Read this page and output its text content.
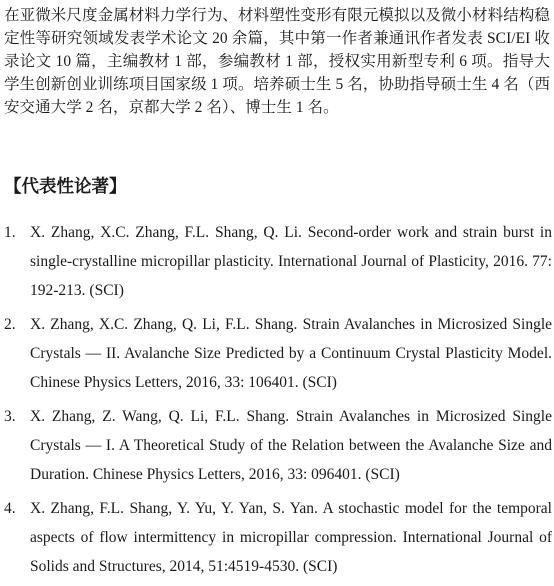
在亚微米尺度金属材料力学行为、材料塑性变形有限元模拟以及微小材料结构稳定性等研究领域发表学术论文 20 余篇，其中第一作者兼通讯作者发表 SCI/EI 收录论文 10 篇，主编教材 1 部，参编教材 1 部，授权实用新型专利 6 项。指导大学生创新创业训练项目国家级 1 项。培养硕士生 5 名，协助指导硕士生 4 名（西安交通大学 2 名，京都大学 2 名）、博士生 1 名。

【代表性论著】
1. X. Zhang, X.C. Zhang, F.L. Shang, Q. Li. Second-order work and strain burst in single-crystalline micropillar plasticity. International Journal of Plasticity, 2016. 77: 192-213. (SCI)
2. X. Zhang, X.C. Zhang, Q. Li, F.L. Shang. Strain Avalanches in Microsized Single Crystals — II. Avalanche Size Predicted by a Continuum Crystal Plasticity Model. Chinese Physics Letters, 2016, 33: 106401. (SCI)
3. X. Zhang, Z. Wang, Q. Li, F.L. Shang. Strain Avalanches in Microsized Single Crystals — I. A Theoretical Study of the Relation between the Avalanche Size and Duration. Chinese Physics Letters, 2016, 33: 096401. (SCI)
4. X. Zhang, F.L. Shang, Y. Yu, Y. Yan, S. Yan. A stochastic model for the temporal aspects of flow intermittency in micropillar compression. International Journal of Solids and Structures, 2014, 51:4519-4530. (SCI)
